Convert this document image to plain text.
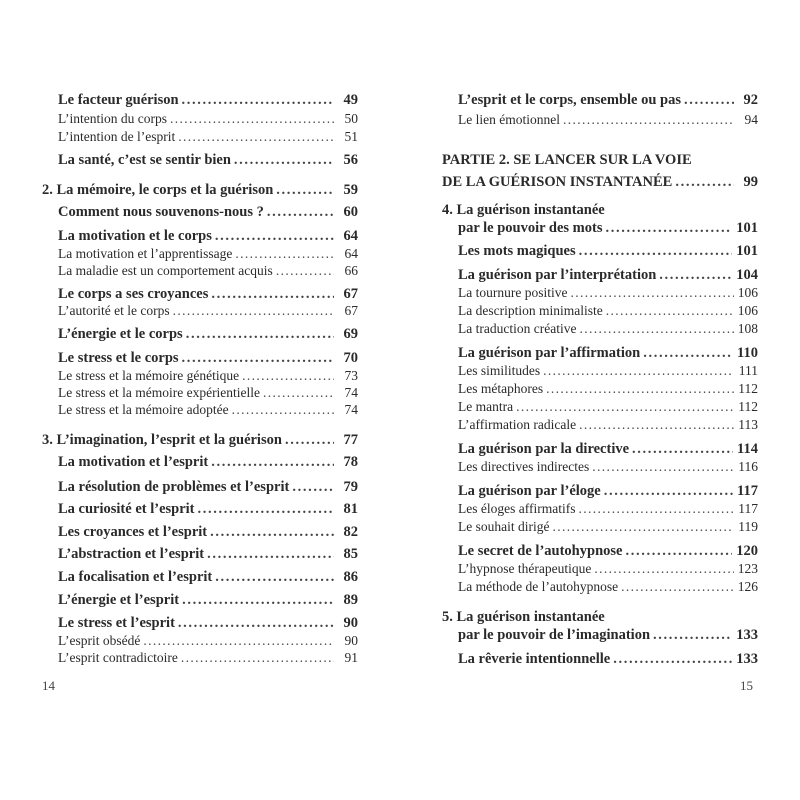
14
Le facteur guérison . . .	49
L’intention du corps . . .	50
L’intention de l’esprit . . .	51
La santé, c’est se sentir bien . . .	56
2. La mémoire, le corps et la guérison . . .	59
Comment nous souvenons-nous ? . . .	60
La motivation et le corps . . .	64
La motivation et l’apprentissage . . .	64
La maladie est un comportement acquis . . .	66
Le corps a ses croyances . . .	67
L’autorité et le corps . . .	67
L’énergie et le corps . . .	69
Le stress et le corps . . .	70
Le stress et la mémoire génétique . . .	73
Le stress et la mémoire expérientielle . . .	74
Le stress et la mémoire adoptée . . .	74
3. L’imagination, l’esprit et la guérison . . .	77
La motivation et l’esprit . . .	78
La résolution de problèmes et l’esprit . . .	79
La curiosité et l’esprit . . .	81
Les croyances et l’esprit . . .	82
L’abstraction et l’esprit . . .	85
La focalisation et l’esprit . . .	86
L’énergie et l’esprit . . .	89
Le stress et l’esprit . . .	90
L’esprit obsédé . . .	90
L’esprit contradictoire . . .	91
15
L’esprit et le corps, ensemble ou pas . . .	92
Le lien émotionnel . . .	94
PARTIE 2. SE LANCER SUR LA VOIE
DE LA GUÉRISON INSTANTANÉE . . .	99
4. La guérison instantanée
par le pouvoir des mots . . .	101
Les mots magiques . . .	101
La guérison par l’interprétation . . .	104
La tournure positive . . .	106
La description minimaliste . . .	106
La traduction créative . . .	108
La guérison par l’affirmation . . .	110
Les similitudes . . .	111
Les métaphores . . .	112
Le mantra . . .	112
L’affirmation radicale . . .	113
La guérison par la directive . . .	114
Les directives indirectes . . .	116
La guérison par l’éloge . . .	117
Les éloges affirmatifs . . .	117
Le souhait dirigé . . .	119
Le secret de l’autohypnose . . .	120
L’hypnose thérapeutique . . .	123
La méthode de l’autohypnose . . .	126
5. La guérison instantanée
par le pouvoir de l’imagination . . .	133
La rêverie intentionnelle . . .	133
